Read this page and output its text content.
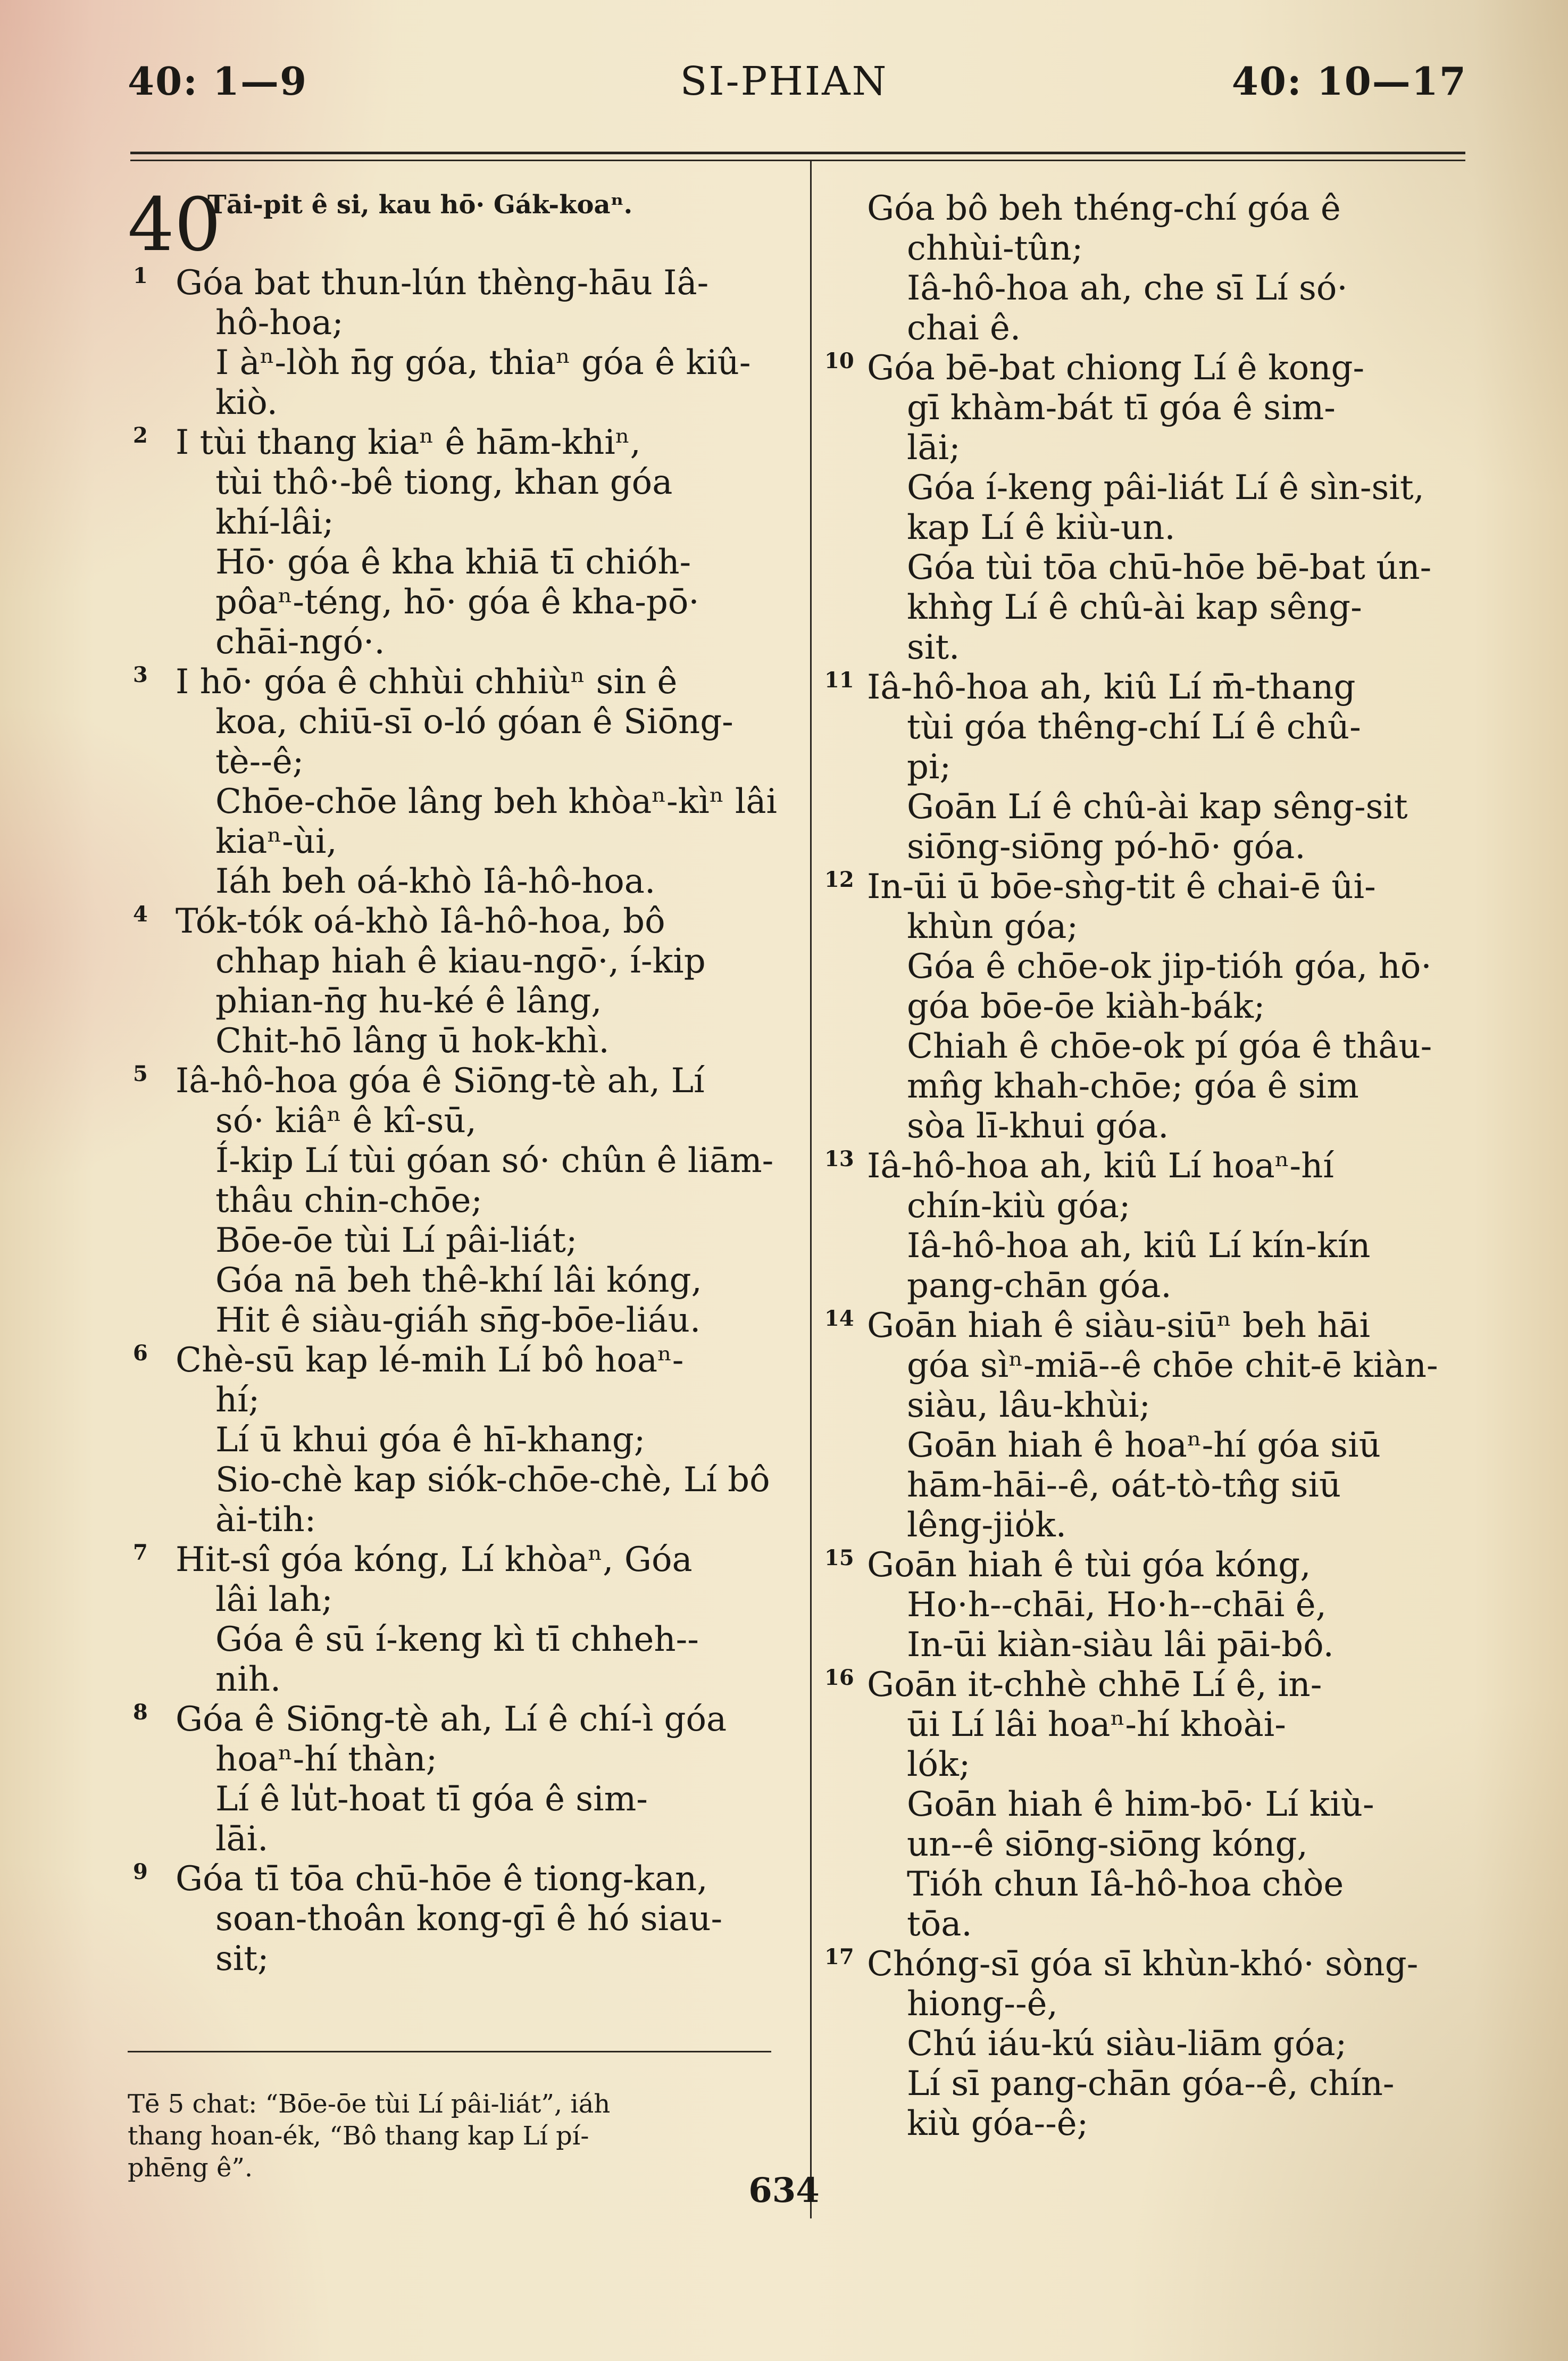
40: 1—9	SI-PHIAN	40: 10—17
40
Tāi-pit ê si, kau hō· Gák-koaⁿ.
1 Góa bat thun-lún thèng-hāu Iâ-
hô-hoa;
I àⁿ-lòh n̄g góa, thiaⁿ góa ê kiû-
kiò.
2 I tùi thang kiaⁿ ê hām-khiⁿ,
tùi thô·-bê tiong, khan góa
khí-lâi;
Hō· góa ê kha khiā tī chióh-
pôaⁿ-téng, hō· góa ê kha-pō·
chāi-ngó·.
3 I hō· góa ê chhùi chhiùⁿ sin ê
koa, chiū-sī o-ló góan ê Siōng-
tè--ê;
Chōe-chōe lâng beh khòaⁿ-kìⁿ lâi
kiaⁿ-ùi,
Iáh beh oá-khò Iâ-hô-hoa.
4 Tók-tók oá-khò Iâ-hô-hoa, bô
chhap hiah ê kiau-ngō·, í-kip
phian-n̄g hu-ké ê lâng,
Chit-hō lâng ū hok-khì.
5 Iâ-hô-hoa góa ê Siōng-tè ah, Lí
só· kiâⁿ ê kî-sū,
Í-kip Lí tùi góan só· chûn ê liām-
thâu chin-chōe;
Bōe-ōe tùi Lí pâi-liát;
Góa nā beh thê-khí lâi kóng,
Hit ê siàu-giáh sn̄g-bōe-liáu.
6 Chè-sū kap lé-mih Lí bô hoaⁿ-
hí;
Lí ū khui góa ê hī-khang;
Sio-chè kap siók-chōe-chè, Lí bô
ài-tih:
7 Hit-sî góa kóng, Lí khòaⁿ, Góa
lâi lah;
Góa ê sū í-keng kì tī chheh--
nih.
8 Góa ê Siōng-tè ah, Lí ê chí-ì góa
hoaⁿ-hí thàn;
Lí ê lu̍t-hoat tī góa ê sim-
lāi.
9 Góa tī tōa chū-hōe ê tiong-kan,
soan-thoân kong-gī ê hó siau-
sit;
Góa bô beh théng-chí góa ê
chhùi-tûn;
Iâ-hô-hoa ah, che sī Lí só·
chai ê.
10 Góa bē-bat chiong Lí ê kong-
gī khàm-bát tī góa ê sim-
lāi;
Góa í-keng pâi-liát Lí ê sìn-sit,
kap Lí ê kiù-un.
Góa tùi tōa chū-hōe bē-bat ún-
khǹg Lí ê chû-ài kap sêng-
sit.
11 Iâ-hô-hoa ah, kiû Lí m̄-thang
tùi góa thêng-chí Lí ê chû-
pi;
Goān Lí ê chû-ài kap sêng-sit
siōng-siōng pó-hō· góa.
12 In-ūi ū bōe-sǹg-tit ê chai-ē ûi-
khùn góa;
Góa ê chōe-ok jip-tióh góa, hō·
góa bōe-ōe kiàh-bák;
Chiah ê chōe-ok pí góa ê thâu-
mn̂g khah-chōe; góa ê sim
sòa lī-khui góa.
13 Iâ-hô-hoa ah, kiû Lí hoaⁿ-hí
chín-kiù góa;
Iâ-hô-hoa ah, kiû Lí kín-kín
pang-chān góa.
14 Goān hiah ê siàu-siūⁿ beh hāi
góa sìⁿ-miā--ê chōe chit-ē kiàn-
siàu, lâu-khùi;
Goān hiah ê hoaⁿ-hí góa siū
hām-hāi--ê, oát-tò-tn̂g siū
lêng-jio̍k.
15 Goān hiah ê tùi góa kóng,
Ho·h--chāi, Ho·h--chāi ê,
In-ūi kiàn-siàu lâi pāi-bô.
16 Goān it-chhè chhē Lí ê, in-
ūi Lí lâi hoaⁿ-hí khoài-
lók;
Goān hiah ê him-bō· Lí kiù-
un--ê siōng-siōng kóng,
Tióh chun Iâ-hô-hoa chòe
tōa.
17 Chóng-sī góa sī khùn-khó· sòng-
hiong--ê,
Chú iáu-kú siàu-liām góa;
Lí sī pang-chān góa--ê, chín-
kiù góa--ê;
Tē 5 chat: “Bōe-ōe tùi Lí pâi-liát”, iáh
thang hoan-ék, “Bô thang kap Lí pí-
phēng ê”.
634
